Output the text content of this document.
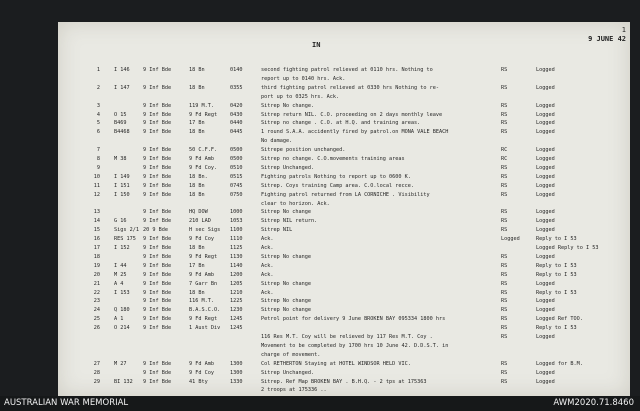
1
9 JUNE 42
IN
1	I 146	9 Inf Bde	18 Bn	0140	second fighting patrol relieved at 0110 hrs. Nothing to	RS	Logged
report up to 0140 hrs. Ack.
2	I 147	9 Inf Bde	18 Bn	0355	third fighting patrol relieved at 0330 hrs Nothing to re-	RS	Logged
port up to 0325 hrs. Ack.
3	9 Inf Bde	119 M.T.	0420	Sitrep No change.	RS	Logged
4	O 15	9 Inf Bde	9 Fd Regt	0430	Sitrep return NIL. C.O. proceeding on 2 days monthly leave	RS	Logged
5	B469	9 Inf Bde	17 Bn	0440	Sitrep no change . C.O. at H.Q. and training areas.	RS	Logged
6	B4468	9 Inf Bde	18 Bn	0445	1 round S.A.A. accidently fired by patrol.on MONA VALE BEACH	RS	Logged
No damage.
7	9 Inf Bde	50 C.F.F.	0500	Sitrepe position unchanged.	RC	Logged
8	M 38	9 Inf Bde	9 Fd Amb	0500	Sitrep no change. C.O.movements training areas	RC	Logged
9	9 Inf Bde	9 Fd Coy.	0510	Sitrep Unchanged.	RS	Logged
10	I 149	9 Inf Bde	18 Bn.	0515	Fighting patrols Nothing to report up to 0600 K.	RS	Logged
11	I 151	9 Inf Bde	18 Bn	0745	Sitrep. Coys training Camp area. C.O.local recce.	RS	Logged
12	I 150	9 Inf Bde	18 Bn	0750	Fighting patrol returned from LA CORNICHE . Visibility	RS	Logged
clear to horizon. Ack.
13	9 Inf Bde	HQ DOW	1000	Sitrep No change	RS	Logged
14	G 16	9 Inf Bde	210 LAD	1053	Sitrep NIL return.	RS	Logged
15	Sigs 2/1 20 9 Bde	H sec Sigs 1100	Sitrep NIL	RS	Logged
16	RES 175	9 Inf Bde	9 Fd Coy	1110	Ack.	Logged	Reply to I 53
17	I 152	9 Inf Bde	18 Bn	1125	Ack.	Logged Reply to I 53
18	9 Inf Bde	9 Fd Regt	1130	Sitrep No change	RS	Logged
19	I 44	9 Inf Bde	17 Bn	1140	Ack.	RS	Reply to I 53
20	M 25	9 Inf Bde	9 Fd Amb	1200	Ack.	RS	Reply to I 53
21	A 4	9 Inf Bde	7 Garr Bn	1205	Sitrep No change	RS	Logged
22	I 153	9 Inf Bde	18 Bn	1210	Ack.	RS	Reply to I 53
23	9 Inf Bde	116 M.T.	1225	Sitrep No change	RS	Logged
24	Q 180	9 Inf Bde	B.A.S.C.O. 1230	Sitrep No change	RS	Logged
25	A 1	9 Inf Bde	9 Fd Regt	1245	Petrol point for delivery 9 June BROKEN BAY 095334 1800 hrs	RS	Logged Ref TOO.
26	O 214	9 Inf Bde	1 Aust Div 1245	RS	Reply to I 53
116 Res M.T. Coy will be relieved by 117 Res M.T. Coy .	RS	Logged
Movement to be completed by 1700 hrs 10 June 42. D.D.S.T. in
charge of movement.
27	M 27	9 Inf Bde	9 Fd Amb	1300	Col RETHERTON Staying at HOTEL WINDSOR HELD VIC.	RS	Logged for B.M.
28	9 Inf Bde	9 Fd Coy	1300	Sitrep Unchanged.	RS	Logged
29	BI 132	9 Inf Bde	41 Bty	1330	Sitrep. Ref Map BROKEN BAY . B.H.Q. - 2 tps at 175363	RS	Logged
2 troops at 175336 ..
AUSTRALIAN WAR MEMORIAL	AWM2020.71.8460
